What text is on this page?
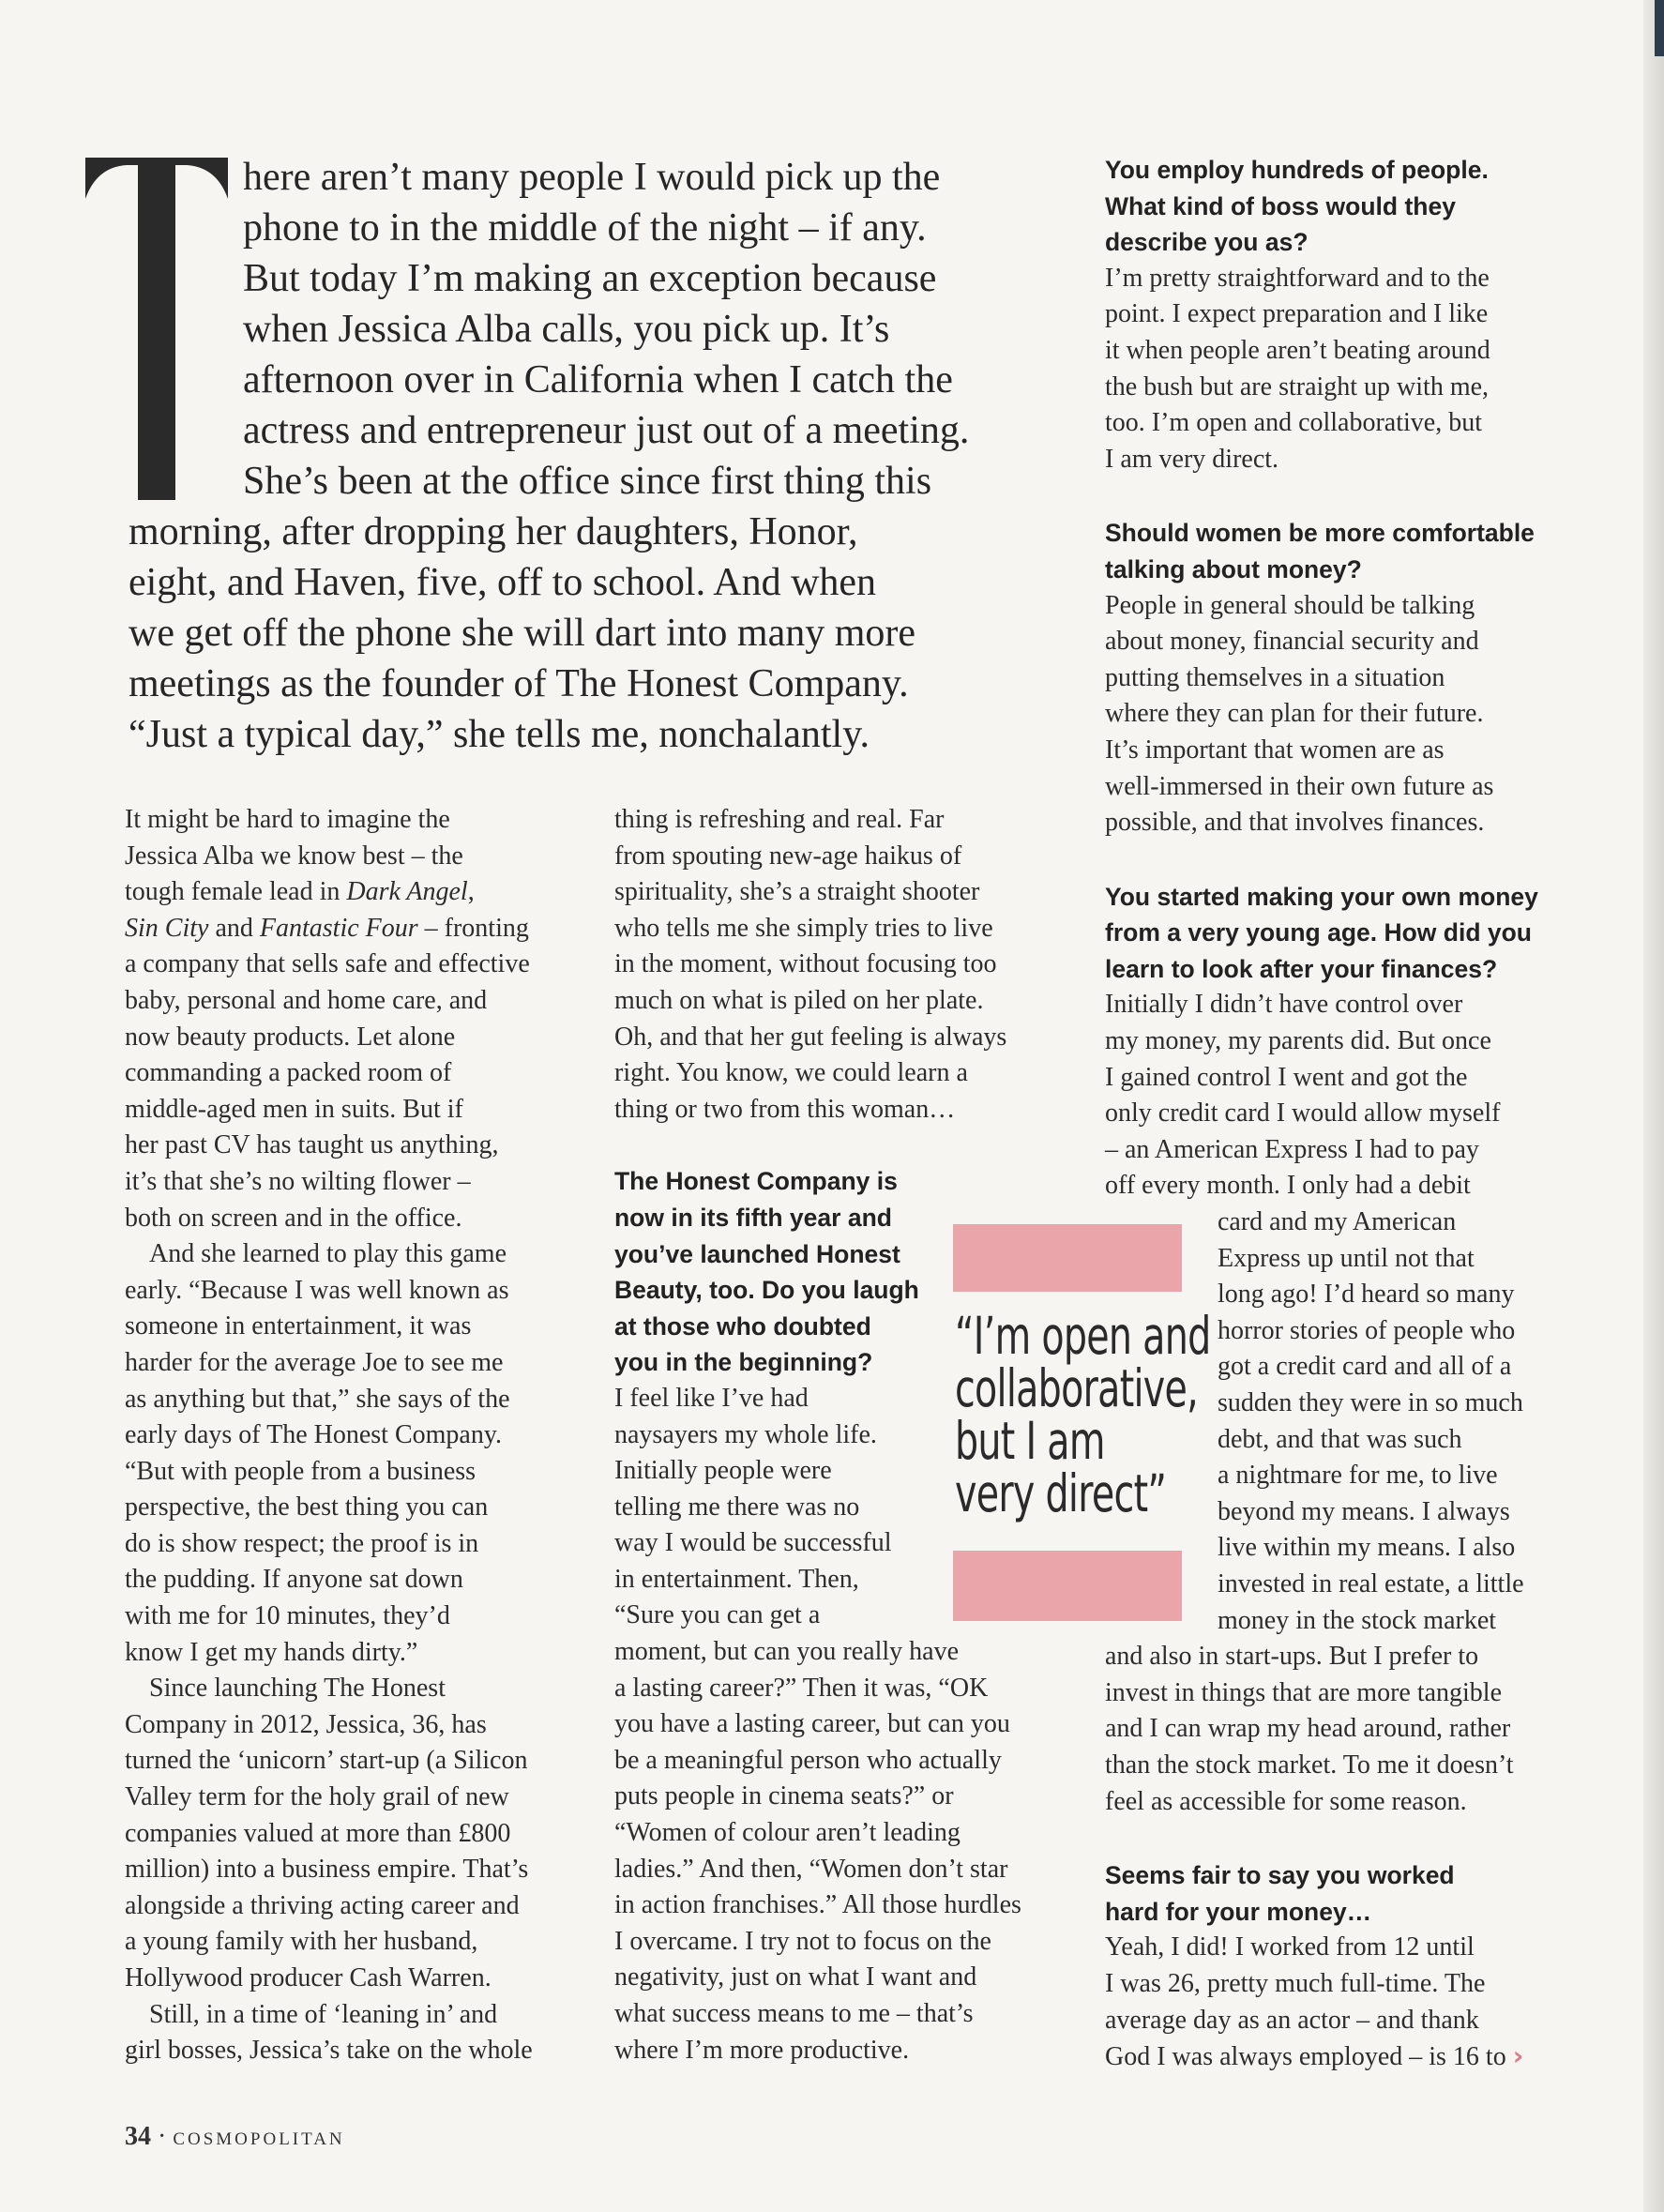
here aren’t many people I would pick up the
phone to in the middle of the night – if any.
But today I’m making an exception because
when Jessica Alba calls, you pick up. It’s
afternoon over in California when I catch the
actress and entrepreneur just out of a meeting.
She’s been at the office since first thing this
morning, after dropping her daughters, Honor,
eight, and Haven, five, off to school. And when
we get off the phone she will dart into many more
meetings as the founder of The Honest Company.
“Just a typical day,” she tells me, nonchalantly.

It might be hard to imagine the
Jessica Alba we know best – the
tough female lead in Dark Angel,
Sin City and Fantastic Four – fronting
a company that sells safe and effective
baby, personal and home care, and
now beauty products. Let alone
commanding a packed room of
middle-aged men in suits. But if
her past CV has taught us anything,
it’s that she’s no wilting flower –
both on screen and in the office.

And she learned to play this game
early. “Because I was well known as
someone in entertainment, it was
harder for the average Joe to see me
as anything but that,” she says of the
early days of The Honest Company.
“But with people from a business
perspective, the best thing you can
do is show respect; the proof is in
the pudding. If anyone sat down
with me for 10 minutes, they’d
know I get my hands dirty.”

Since launching The Honest
Company in 2012, Jessica, 36, has
turned the ‘unicorn’ start-up (a Silicon
Valley term for the holy grail of new
companies valued at more than £800
million) into a business empire. That’s
alongside a thriving acting career and
a young family with her husband,
Hollywood producer Cash Warren.

Still, in a time of ‘leaning in’ and
girl bosses, Jessica’s take on the whole

thing is refreshing and real. Far
from spouting new-age haikus of
spirituality, she’s a straight shooter
who tells me she simply tries to live
in the moment, without focusing too
much on what is piled on her plate.
Oh, and that her gut feeling is always
right. You know, we could learn a
thing or two from this woman…

The Honest Company is
now in its fifth year and
you’ve launched Honest
Beauty, too. Do you laugh
at those who doubted
you in the beginning?

I feel like I’ve had
naysayers my whole life.
Initially people were
telling me there was no
way I would be successful
in entertainment. Then,
“Sure you can get a
moment, but can you really have
a lasting career?” Then it was, “OK
you have a lasting career, but can you
be a meaningful person who actually
puts people in cinema seats?” or
“Women of colour aren’t leading
ladies.” And then, “Women don’t star
in action franchises.” All those hurdles
I overcame. I try not to focus on the
negativity, just on what I want and
what success means to me – that’s
where I’m more productive.

“I’m open and
collaborative,
but I am
very direct”

You employ hundreds of people.
What kind of boss would they
describe you as?

I’m pretty straightforward and to the
point. I expect preparation and I like
it when people aren’t beating around
the bush but are straight up with me,
too. I’m open and collaborative, but
I am very direct.

Should women be more comfortable
talking about money?

People in general should be talking
about money, financial security and
putting themselves in a situation
where they can plan for their future.
It’s important that women are as
well-immersed in their own future as
possible, and that involves finances.

You started making your own money
from a very young age. How did you
learn to look after your finances?

Initially I didn’t have control over
my money, my parents did. But once
I gained control I went and got the
only credit card I would allow myself
– an American Express I had to pay
off every month. I only had a debit
card and my American
Express up until not that
long ago! I’d heard so many
horror stories of people who
got a credit card and all of a
sudden they were in so much
debt, and that was such
a nightmare for me, to live
beyond my means. I always
live within my means. I also
invested in real estate, a little
money in the stock market
and also in start-ups. But I prefer to
invest in things that are more tangible
and I can wrap my head around, rather
than the stock market. To me it doesn’t
feel as accessible for some reason.

Seems fair to say you worked
hard for your money…

Yeah, I did! I worked from 12 until
I was 26, pretty much full-time. The
average day as an actor – and thank
God I was always employed – is 16 to ›

34 · COSMOPOLITAN
